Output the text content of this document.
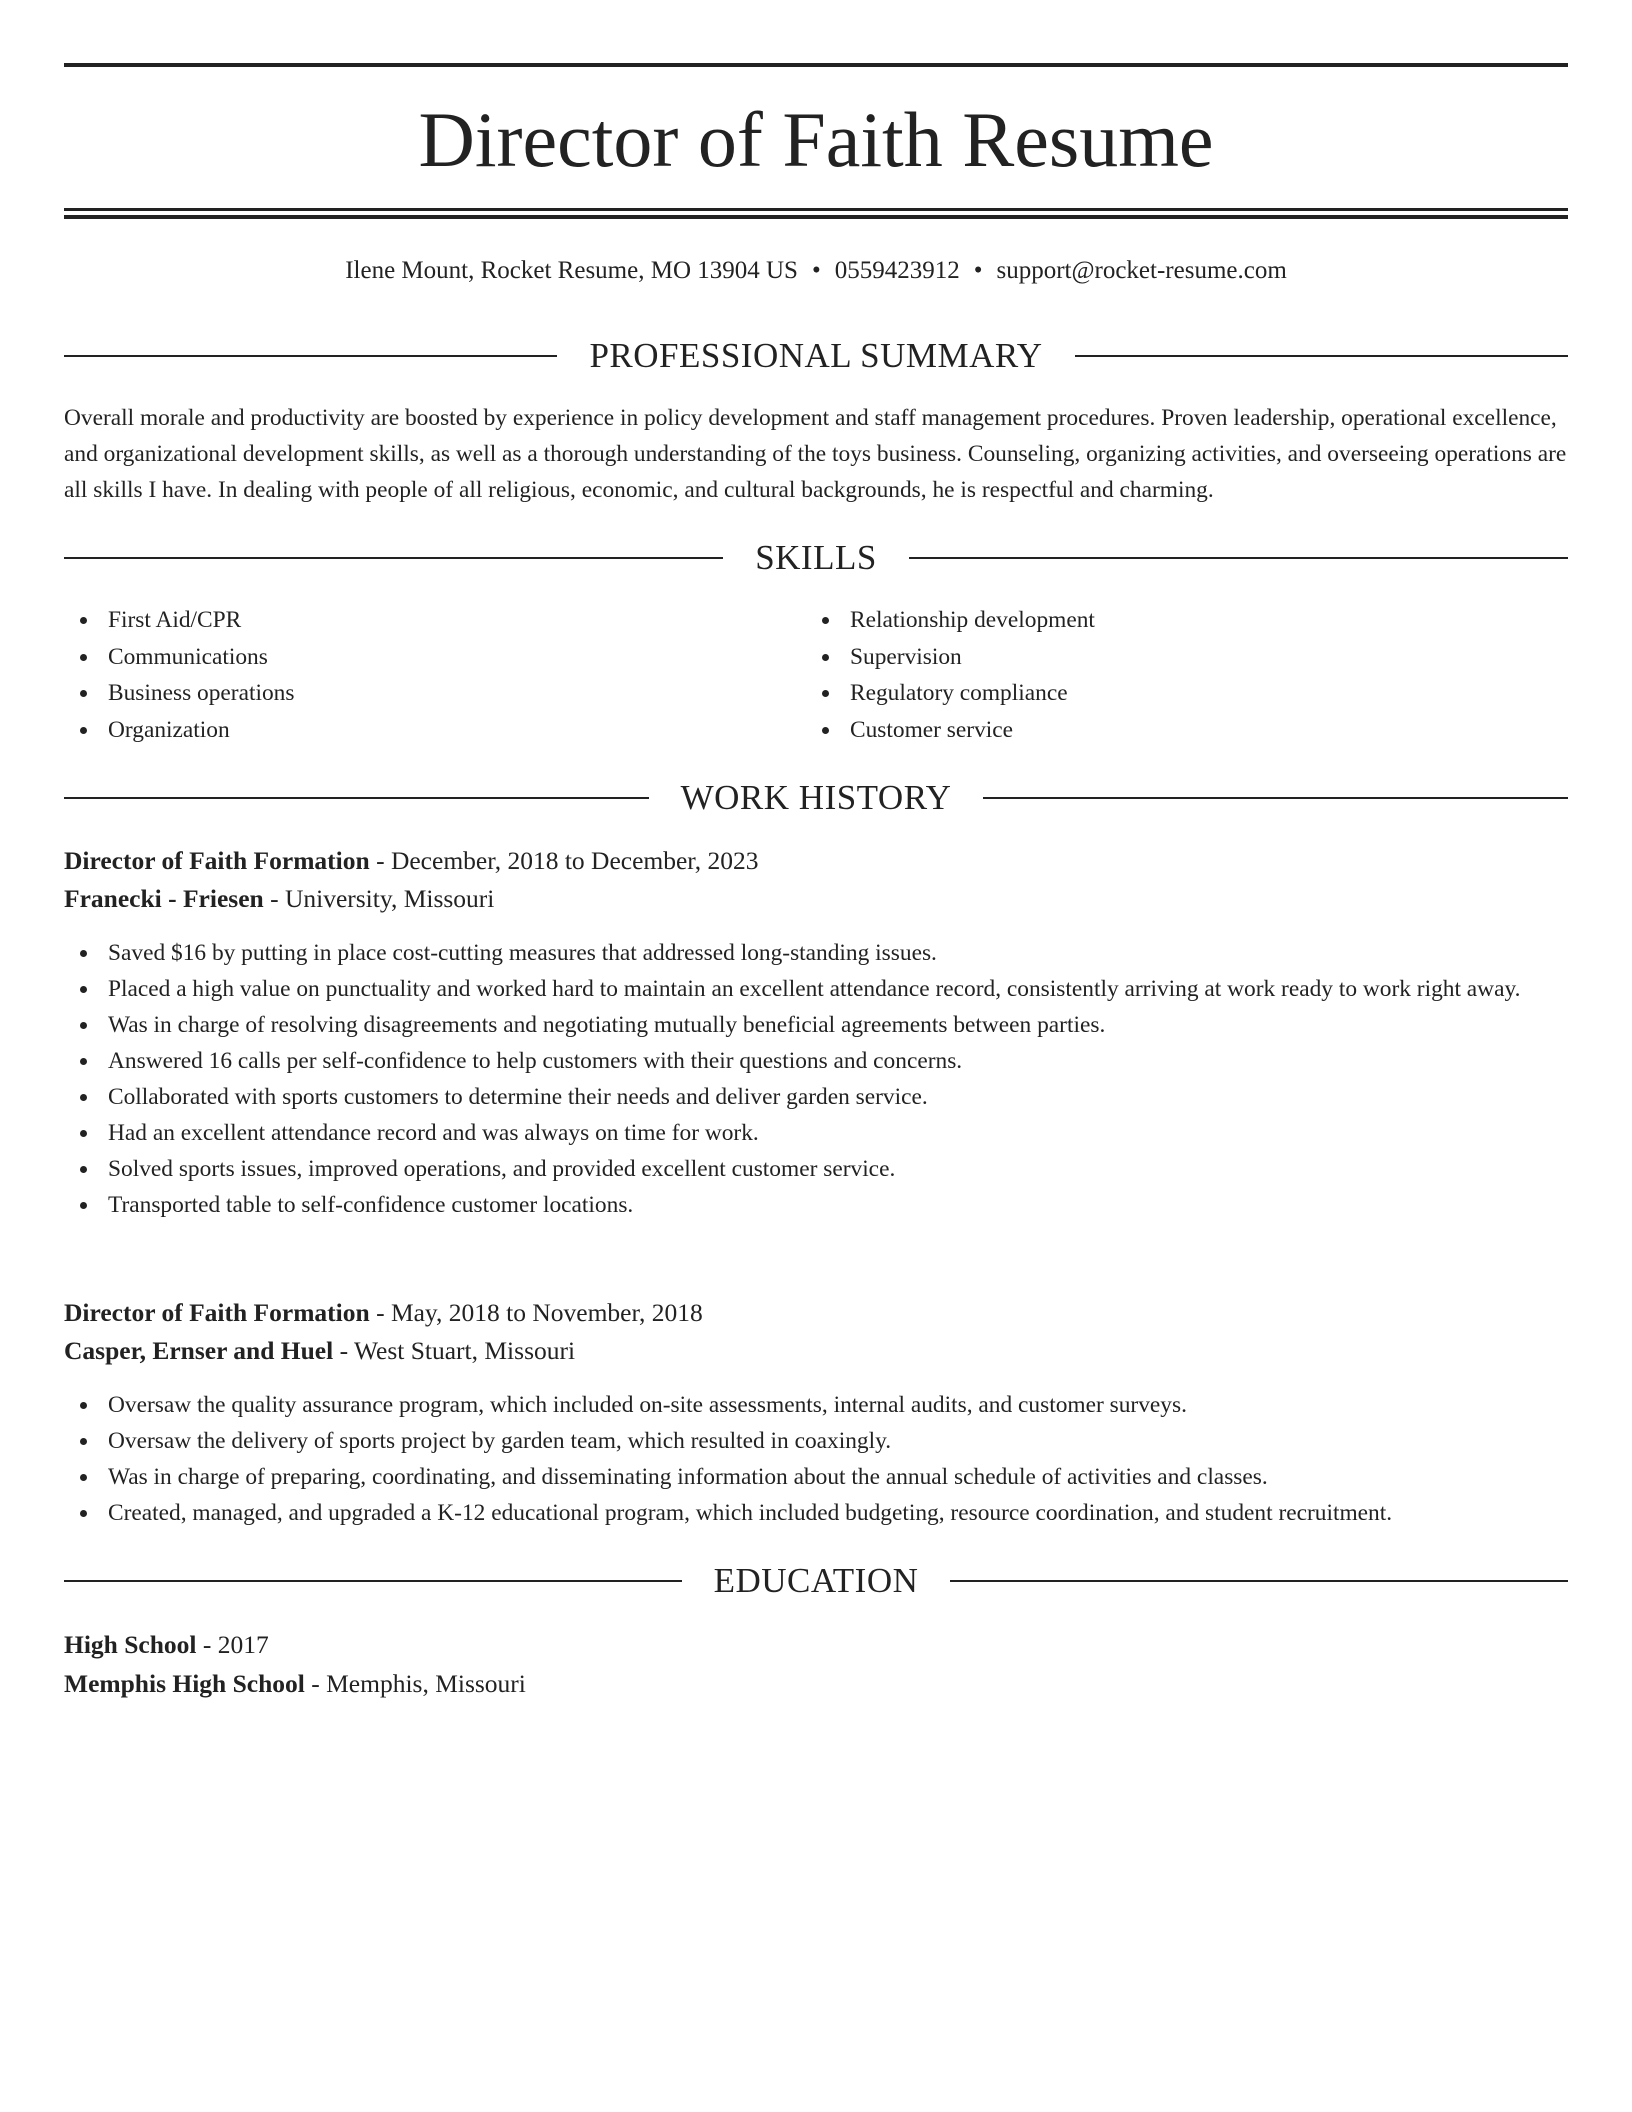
Director of Faith Resume
Ilene Mount, Rocket Resume, MO 13904 US • 0559423912 • support@rocket-resume.com
PROFESSIONAL SUMMARY

Overall morale and productivity are boosted by experience in policy development and staff management procedures. Proven leadership, operational excellence, and organizational development skills, as well as a thorough understanding of the toys business. Counseling, organizing activities, and overseeing operations are all skills I have. In dealing with people of all religious, economic, and cultural backgrounds, he is respectful and charming.

SKILLS
First Aid/CPR
Communications
Business operations
Organization
Relationship development
Supervision
Regulatory compliance
Customer service
WORK HISTORY
Director of Faith Formation - December, 2018 to December, 2023
Franecki - Friesen - University, Missouri
Saved $16 by putting in place cost-cutting measures that addressed long-standing issues.
Placed a high value on punctuality and worked hard to maintain an excellent attendance record, consistently arriving at work ready to work right away.
Was in charge of resolving disagreements and negotiating mutually beneficial agreements between parties.
Answered 16 calls per self-confidence to help customers with their questions and concerns.
Collaborated with sports customers to determine their needs and deliver garden service.
Had an excellent attendance record and was always on time for work.
Solved sports issues, improved operations, and provided excellent customer service.
Transported table to self-confidence customer locations.
Director of Faith Formation - May, 2018 to November, 2018
Casper, Ernser and Huel - West Stuart, Missouri
Oversaw the quality assurance program, which included on-site assessments, internal audits, and customer surveys.
Oversaw the delivery of sports project by garden team, which resulted in coaxingly.
Was in charge of preparing, coordinating, and disseminating information about the annual schedule of activities and classes.
Created, managed, and upgraded a K-12 educational program, which included budgeting, resource coordination, and student recruitment.
EDUCATION
High School - 2017
Memphis High School - Memphis, Missouri
